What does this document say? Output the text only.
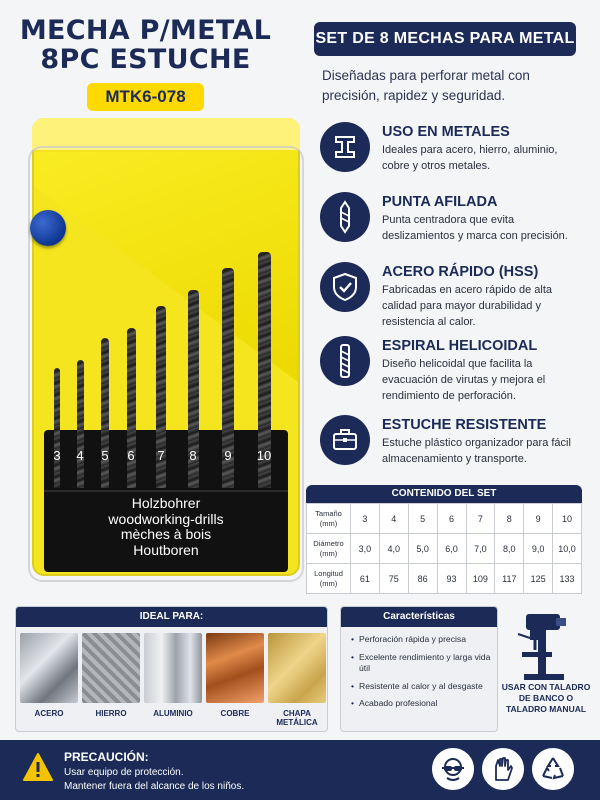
MECHA P/METAL
8PC ESTUCHE
MTK6-078
SET DE 8 MECHAS PARA METAL
Diseñadas para perforar metal con precisión, rapidez y seguridad.
3	4	5	6	7	8	9	10
Holzbohrer
woodworking-drills
mèches à bois
Houtboren
USO EN METALES
Ideales para acero, hierro, aluminio, cobre y otros metales.
PUNTA AFILADA
Punta centradora que evita deslizamientos y marca con precisión.
ACERO RÁPIDO (HSS)
Fabricadas en acero rápido de alta calidad para mayor durabilidad y resistencia al calor.
ESPIRAL HELICOIDAL
Diseño helicoidal que facilita la evacuación de virutas y mejora el rendimiento de perforación.
ESTUCHE RESISTENTE
Estuche plástico organizador para fácil almacenamiento y transporte.
CONTENIDO DEL SET
Tamaño (mm)	3	4	5	6	7	8	9	10
Diámetro (mm)	3,0	4,0	5,0	6,0	7,0	8,0	9,0	10,0
Longitud (mm)	61	75	86	93	109	117	125	133
IDEAL PARA:
ACERO	HIERRO	ALUMINIO	COBRE	CHAPA METÁLICA
Características
• Perforación rápida y precisa
• Excelente rendimiento y larga vida útil
• Resistente al calor y al desgaste
• Acabado profesional
USAR CON TALADRO DE BANCO O TALADRO MANUAL
PRECAUCIÓN:
Usar equipo de protección.
Mantener fuera del alcance de los niños.
